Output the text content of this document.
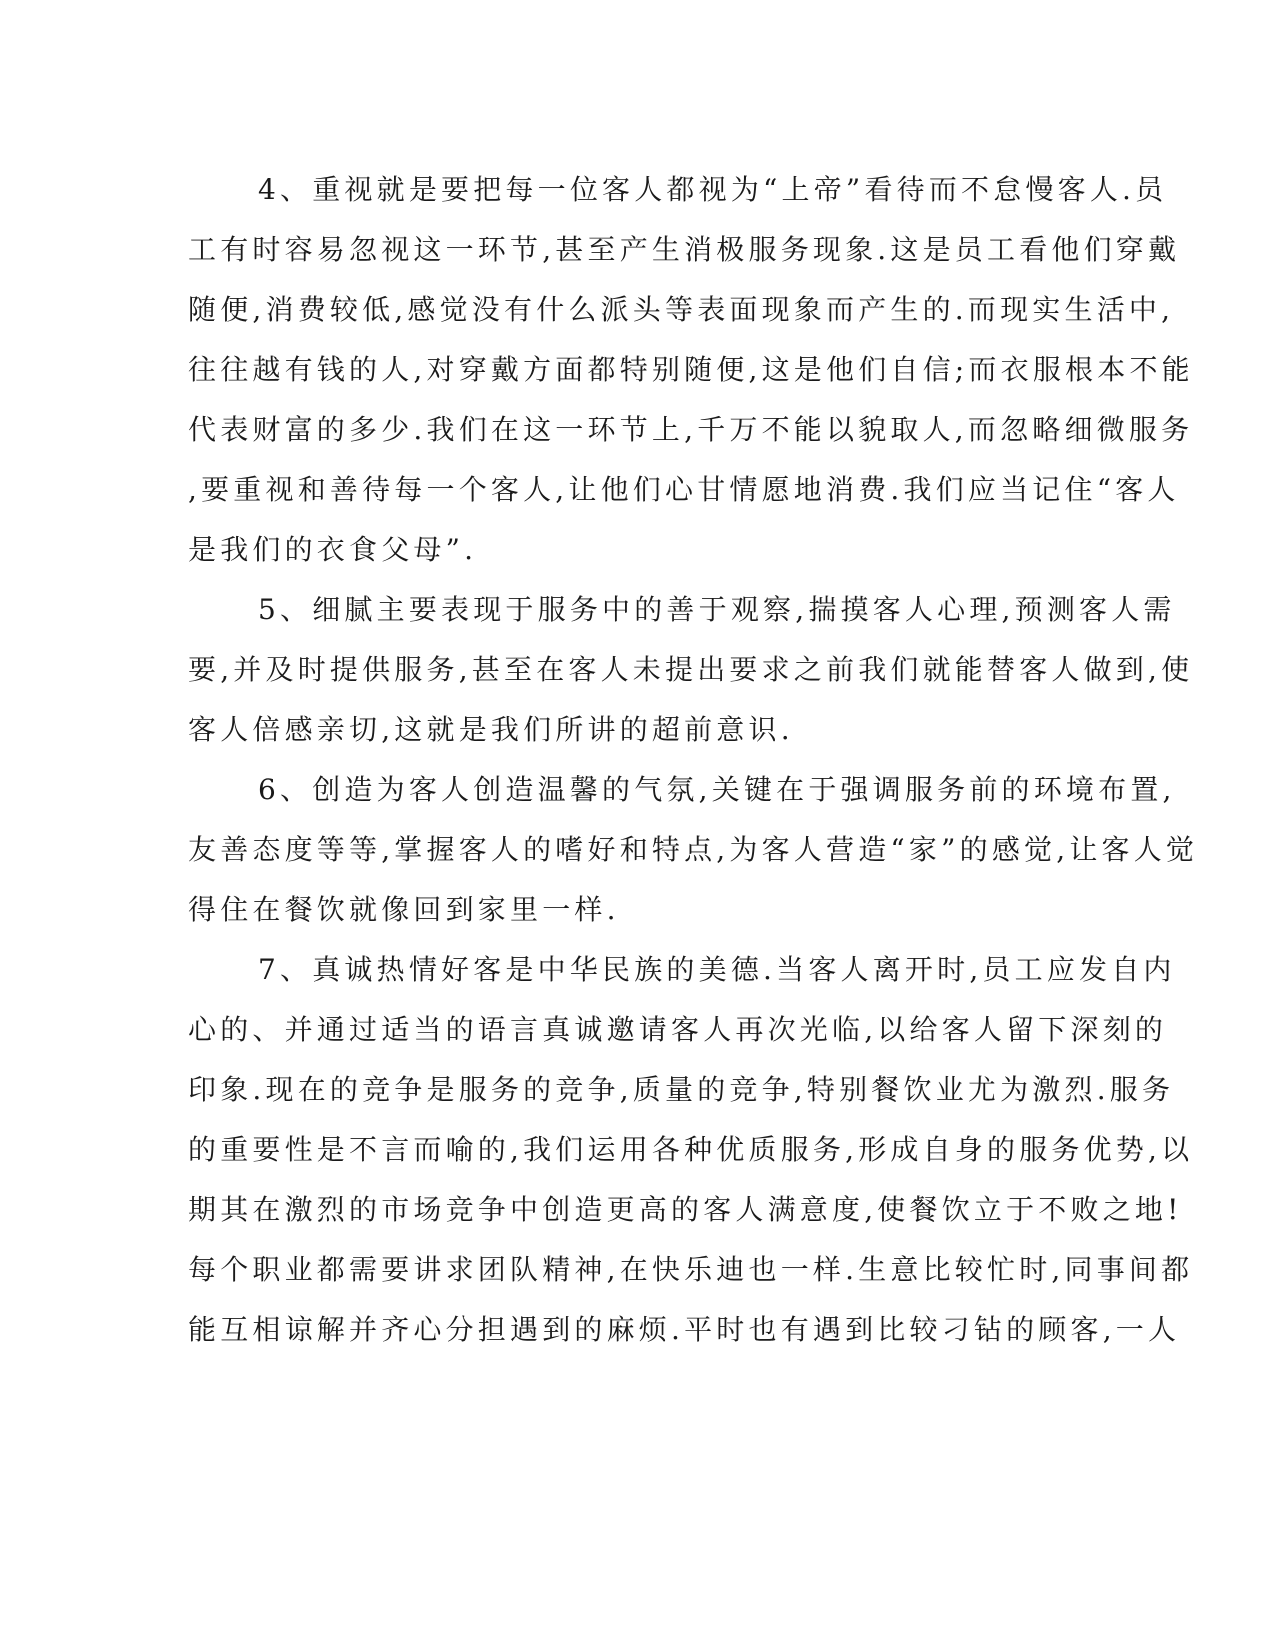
4、重视就是要把每一位客人都视为“上帝”看待而不怠慢客人.员
工有时容易忽视这一环节,甚至产生消极服务现象.这是员工看他们穿戴
随便,消费较低,感觉没有什么派头等表面现象而产生的.而现实生活中,
往往越有钱的人,对穿戴方面都特别随便,这是他们自信;而衣服根本不能
代表财富的多少.我们在这一环节上,千万不能以貌取人,而忽略细微服务
,要重视和善待每一个客人,让他们心甘情愿地消费.我们应当记住“客人
是我们的衣食父母”.
5、细腻主要表现于服务中的善于观察,揣摸客人心理,预测客人需
要,并及时提供服务,甚至在客人未提出要求之前我们就能替客人做到,使
客人倍感亲切,这就是我们所讲的超前意识.
6、创造为客人创造温馨的气氛,关键在于强调服务前的环境布置,
友善态度等等,掌握客人的嗜好和特点,为客人营造“家”的感觉,让客人觉
得住在餐饮就像回到家里一样.
7、真诚热情好客是中华民族的美德.当客人离开时,员工应发自内
心的、并通过适当的语言真诚邀请客人再次光临,以给客人留下深刻的
印象.现在的竞争是服务的竞争,质量的竞争,特别餐饮业尤为激烈.服务
的重要性是不言而喻的,我们运用各种优质服务,形成自身的服务优势,以
期其在激烈的市场竞争中创造更高的客人满意度,使餐饮立于不败之地!
每个职业都需要讲求团队精神,在快乐迪也一样.生意比较忙时,同事间都
能互相谅解并齐心分担遇到的麻烦.平时也有遇到比较刁钻的顾客,一人
